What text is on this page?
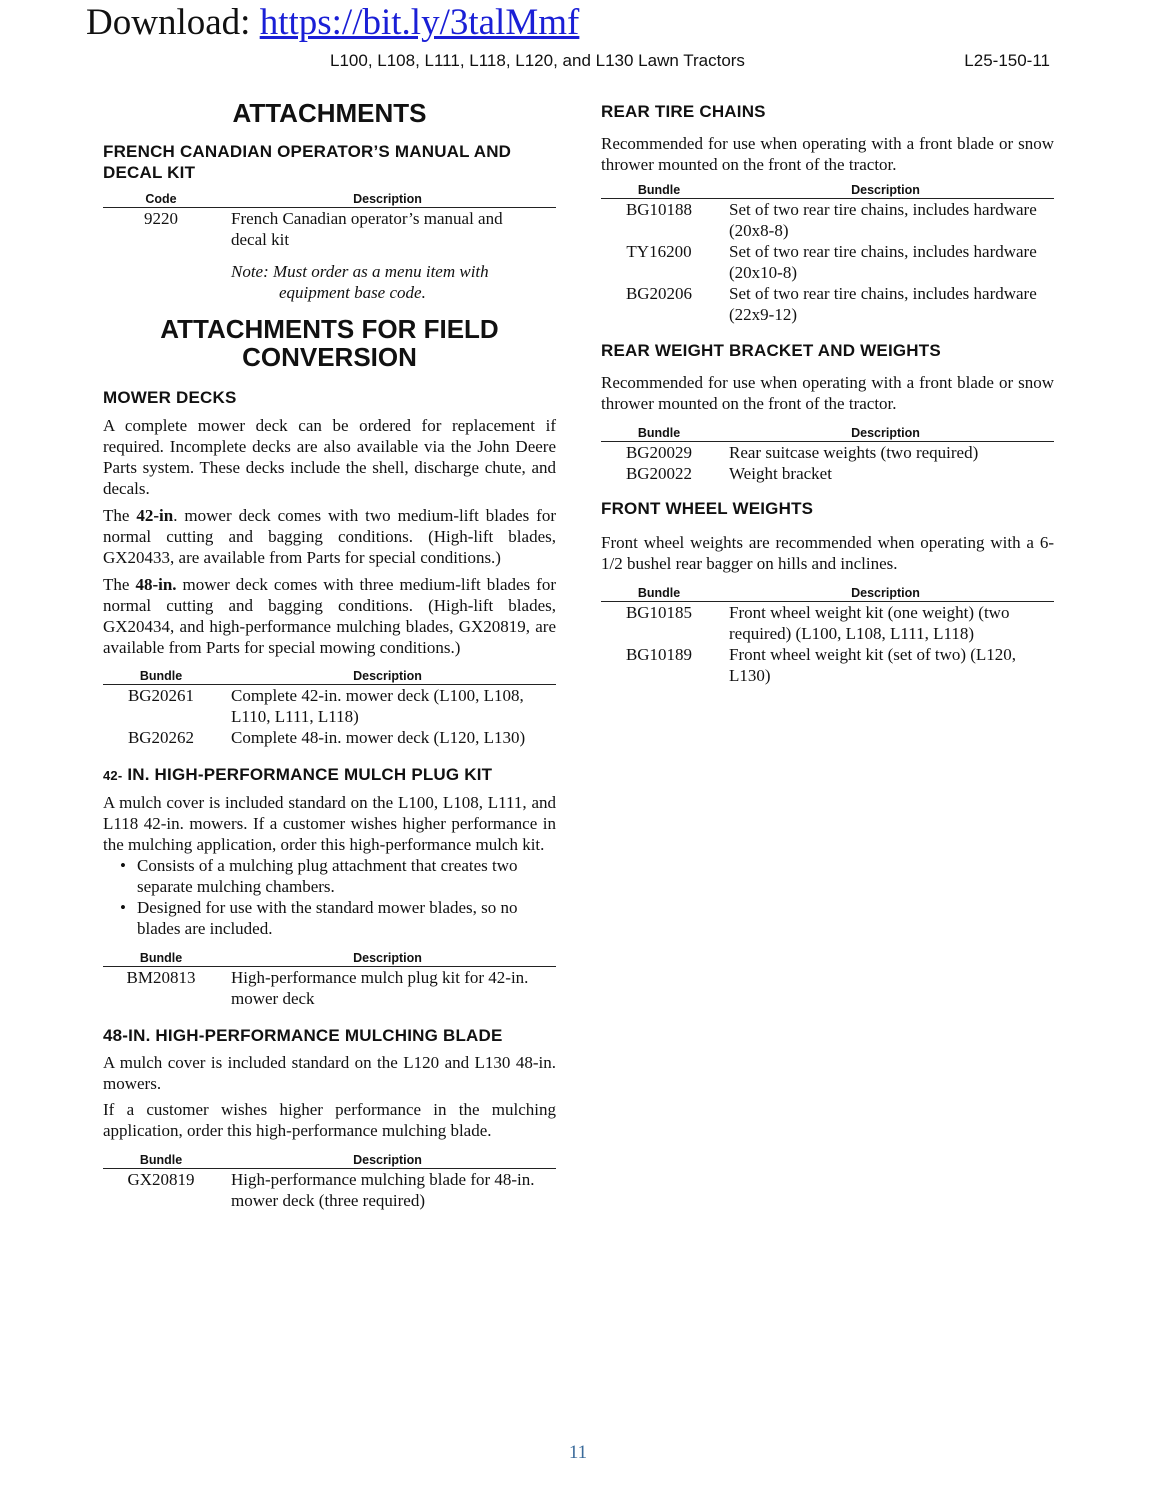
Download: https://bit.ly/3talMmf
L100, L108, L111, L118, L120, and L130 Lawn Tractors	L25-150-11
ATTACHMENTS
FRENCH CANADIAN OPERATOR’S MANUAL AND DECAL KIT
Code	Description
9220	French Canadian operator’s manual and decal kit

	Note: Must order as a menu item with
equipment base code.
ATTACHMENTS FOR FIELD
CONVERSION
MOWER DECKS

A complete mower deck can be ordered for replacement if required. Incomplete decks are also available via the John Deere Parts system. These decks include the shell, discharge chute, and decals.

The 42-in. mower deck comes with two medium-lift blades for normal cutting and bagging conditions. (High-lift blades, GX20433, are available from Parts for special conditions.)

The 48-in. mower deck comes with three medium-lift blades for normal cutting and bagging conditions. (High-lift blades, GX20434, and high-performance mulching blades, GX20819, are available from Parts for special mowing conditions.)

Bundle	Description
BG20261	Complete 42-in. mower deck (L100, L108, L110, L111, L118)
BG20262	Complete 48-in. mower deck (L120, L130)
42- IN. HIGH-PERFORMANCE MULCH PLUG KIT

A mulch cover is included standard on the L100, L108, L111, and L118 42-in. mowers. If a customer wishes higher performance in the mulching application, order this high-performance mulch kit.

• Consists of a mulching plug attachment that creates two separate mulching chambers.
• Designed for use with the standard mower blades, so no blades are included.
Bundle	Description
BM20813	High-performance mulch plug kit for 42-in. mower deck
48-IN. HIGH-PERFORMANCE MULCHING BLADE

A mulch cover is included standard on the L120 and L130 48-in. mowers.

If a customer wishes higher performance in the mulching application, order this high-performance mulching blade.

Bundle	Description
GX20819	High-performance mulching blade for 48-in. mower deck (three required)
REAR TIRE CHAINS

Recommended for use when operating with a front blade or snow thrower mounted on the front of the tractor.

Bundle	Description
BG10188	Set of two rear tire chains, includes hardware (20x8-8)
TY16200	Set of two rear tire chains, includes hardware (20x10-8)
BG20206	Set of two rear tire chains, includes hardware (22x9-12)
REAR WEIGHT BRACKET AND WEIGHTS

Recommended for use when operating with a front blade or snow thrower mounted on the front of the tractor.

Bundle	Description
BG20029	Rear suitcase weights (two required)
BG20022	Weight bracket
FRONT WHEEL WEIGHTS

Front wheel weights are recommended when operating with a 6-1/2 bushel rear bagger on hills and inclines.

Bundle	Description
BG10185	Front wheel weight kit (one weight) (two required) (L100, L108, L111, L118)
BG10189	Front wheel weight kit (set of two) (L120, L130)
11
